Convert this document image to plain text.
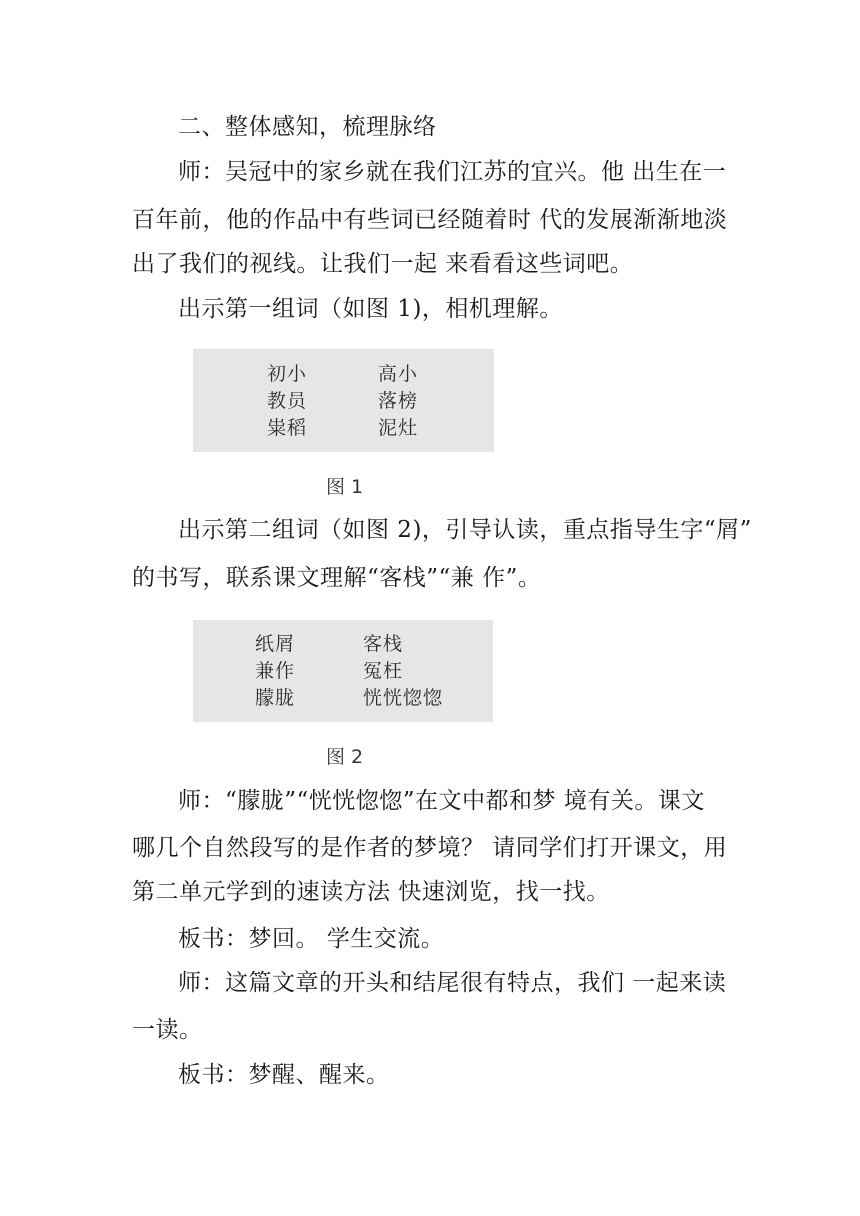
二、整体感知，梳理脉络
师：吴冠中的家乡就在我们江苏的宜兴。他 出生在一
百年前，他的作品中有些词已经随着时 代的发展渐渐地淡
出了我们的视线。让我们一起 来看看这些词吧。
出示第一组词（如图 1)，相机理解。
初小	高小
教员	落榜
粜稻	泥灶
图 1
出示第二组词（如图 2)，引导认读，重点指导生字“屑”
的书写，联系课文理解“客栈”“兼 作”。
纸屑	客栈
兼作	冤枉
朦胧	恍恍惚惚
图 2
师：“朦胧”“恍恍惚惚”在文中都和梦 境有关。课文
哪几个自然段写的是作者的梦境？ 请同学们打开课文，用
第二单元学到的速读方法 快速浏览，找一找。
板书：梦回。 学生交流。
师：这篇文章的开头和结尾很有特点，我们 一起来读
一读。
板书：梦醒、醒来。
